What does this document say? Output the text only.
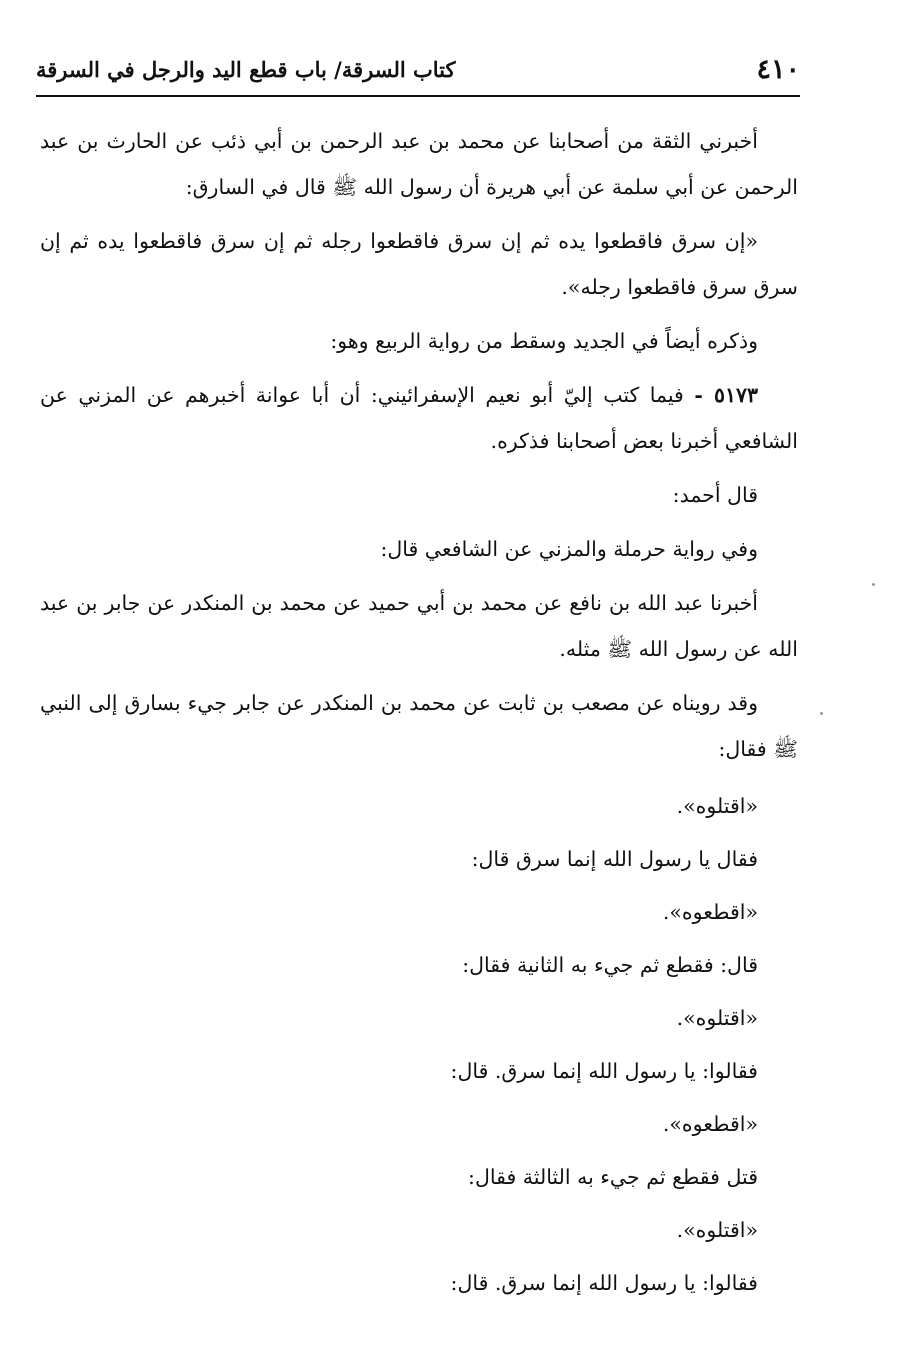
٤١٠
كتاب السرقة/ باب قطع اليد والرجل في السرقة

أخبرني الثقة من أصحابنا عن محمد بن عبد الرحمن بن أبي ذئب عن الحارث بن عبد الرحمن عن أبي سلمة عن أبي هريرة أن رسول الله ﷺ قال في السارق:

«إن سرق فاقطعوا يده ثم إن سرق فاقطعوا رجله ثم إن سرق فاقطعوا يده ثم إن سرق سرق فاقطعوا رجله».

وذكره أيضاً في الجديد وسقط من رواية الربيع وهو:

٥١٧٣ - فيما كتب إليّ أبو نعيم الإسفرائيني: أن أبا عوانة أخبرهم عن المزني عن الشافعي أخبرنا بعض أصحابنا فذكره.

قال أحمد:

وفي رواية حرملة والمزني عن الشافعي قال:

أخبرنا عبد الله بن نافع عن محمد بن أبي حميد عن محمد بن المنكدر عن جابر بن عبد الله عن رسول الله ﷺ مثله.

وقد رويناه عن مصعب بن ثابت عن محمد بن المنكدر عن جابر جيء بسارق إلى النبي ﷺ فقال:

«اقتلوه».

فقال يا رسول الله إنما سرق قال:

«اقطعوه».

قال: فقطع ثم جيء به الثانية فقال:

«اقتلوه».

فقالوا: يا رسول الله إنما سرق. قال:

«اقطعوه».

قتل فقطع ثم جيء به الثالثة فقال:

«اقتلوه».

فقالوا: يا رسول الله إنما سرق. قال:
